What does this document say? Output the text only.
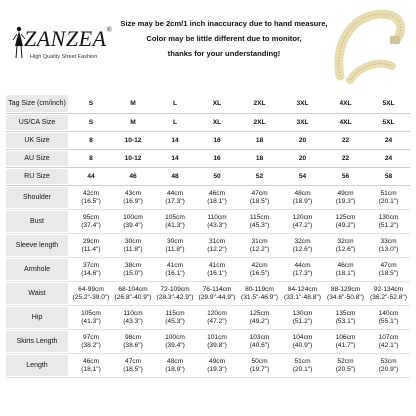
ZANZEA®
High Quality Street Fashion
Size may be 2cm/1 inch inaccuracy due to hand measure,
Color may be little different due to monitor,
thanks for your understanding!
Tag Size (cm/inch)	S	M	L	XL	2XL	3XL	4XL	5XL

US/CA Size	S	M	L	XL	2XL	3XL	4XL	5XL

UK Size	8	10-12	14	16	18	20	22	24

AU Size	8	10-12	14	16	18	20	22	24

RU Size	44	46	48	50	52	54	56	58

Shoulder	42cm
(16.5")	43cm
(16.9")	44cm
(17.3")	46cm
(18.1")	47cm
(18.5")	48cm
(18.9")	49cm
(19.3")	51cm
(20.1")

Bust	95cm
(37.4")	100cm
(39.4")	105cm
(41.3")	110cm
(43.3")	115cm
(45.3")	120cm
(47.2")	125cm
(49.2")	130cm
(51.2")

Sleeve length	29cm
(11.4")	30cm
(11.8")	30cm
(11.8")	31cm
(12.2")	31cm
(12.2")	32cm
(12.6")	32cm
(12.6")	33cm
(13.0")

Armhole	37cm
(14.6")	38cm
(15.0")	41cm
(16.1")	41cm
(16.1")	42cm
(16.5")	44cm
(17.3")	46cm
(18.1")	47cm
(18.5")

Waist	64-99cm
(25.2"-39.0")	68-104cm
(26.8"-40.9")	72-109cm
(28.3"-42.9")	76-114cm
(29.9"-44.9")	80-119cm
(31.5"-46.9")	84-124cm
(33.1"-48.8")	88-129cm
(34.6"-50.8")	92-134cm
(36.2"-52.8")

Hip	105cm
(41.3")	110cm
(43.3")	115cm
(45.3")	120cm
(47.2")	125cm
(49.2")	130cm
(51.2")	135cm
(53.1")	140cm
(55.1")

Skirts Length	97cm
(38.2")	98cm
(38.6")	100cm
(39.4")	101cm
(39.8")	103cm
(40.6")	104cm
(40.9")	106cm
(41.7")	107cm
(42.1")

Length	46cm
(18.1")	47cm
(18.5")	48cm
(18.9")	49cm
(19.3")	50cm
(19.7")	51cm
(20.1")	52cm
(20.5")	53cm
(20.9")
